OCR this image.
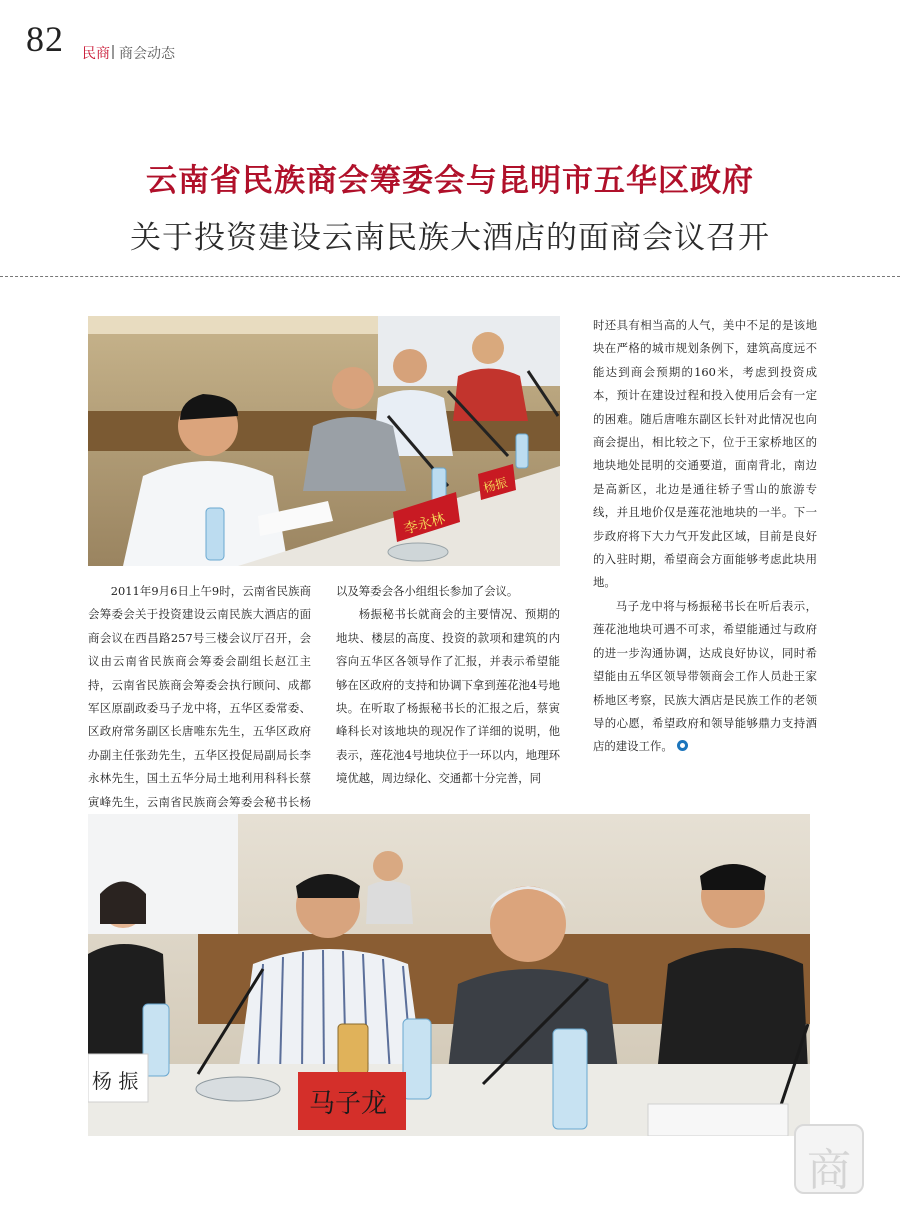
82 民商 商会动态
云南省民族商会筹委会与昆明市五华区政府
关于投资建设云南民族大酒店的面商会议召开
李永林
杨振

2011年9月6日上午9时，云南省民族商会筹委会关于投资建设云南民族大酒店的面商会议在西昌路257号三楼会议厅召开，会议由云南省民族商会筹委会副组长赵江主持，云南省民族商会筹委会执行顾问、成都军区原副政委马子龙中将，五华区委常委、区政府常务副区长唐唯东先生，五华区政府办副主任张劲先生，五华区投促局副局长李永林先生，国土五华分局土地利用科科长蔡寅峰先生，云南省民族商会筹委会秘书长杨

以及筹委会各小组组长参加了会议。

杨振秘书长就商会的主要情况、预期的地块、楼层的高度、投资的款项和建筑的内容向五华区各领导作了汇报，并表示希望能够在区政府的支持和协调下拿到莲花池4号地块。在听取了杨振秘书长的汇报之后，蔡寅峰科长对该地块的现况作了详细的说明，他表示，莲花池4号地块位于一环以内，地理环境优越，周边绿化、交通都十分完善，同

时还具有相当高的人气，美中不足的是该地块在严格的城市规划条例下，建筑高度远不能达到商会预期的160米，考虑到投资成本，预计在建设过程和投入使用后会有一定的困难。随后唐唯东副区长针对此情况也向商会提出，相比较之下，位于王家桥地区的地块地处昆明的交通要道，面南背北，南边是高新区，北边是通往轿子雪山的旅游专线，并且地价仅是莲花池地块的一半。下一步政府将下大力气开发此区域，目前是良好的入驻时期，希望商会方面能够考虑此块用地。

马子龙中将与杨振秘书长在听后表示，莲花池地块可遇不可求，希望能通过与政府的进一步沟通协调，达成良好协议，同时希望能由五华区领导带领商会工作人员赴王家桥地区考察，民族大酒店是民族工作的老领导的心愿，希望政府和领导能够鼎力支持酒店的建设工作。

杨 振
马子龙
商
